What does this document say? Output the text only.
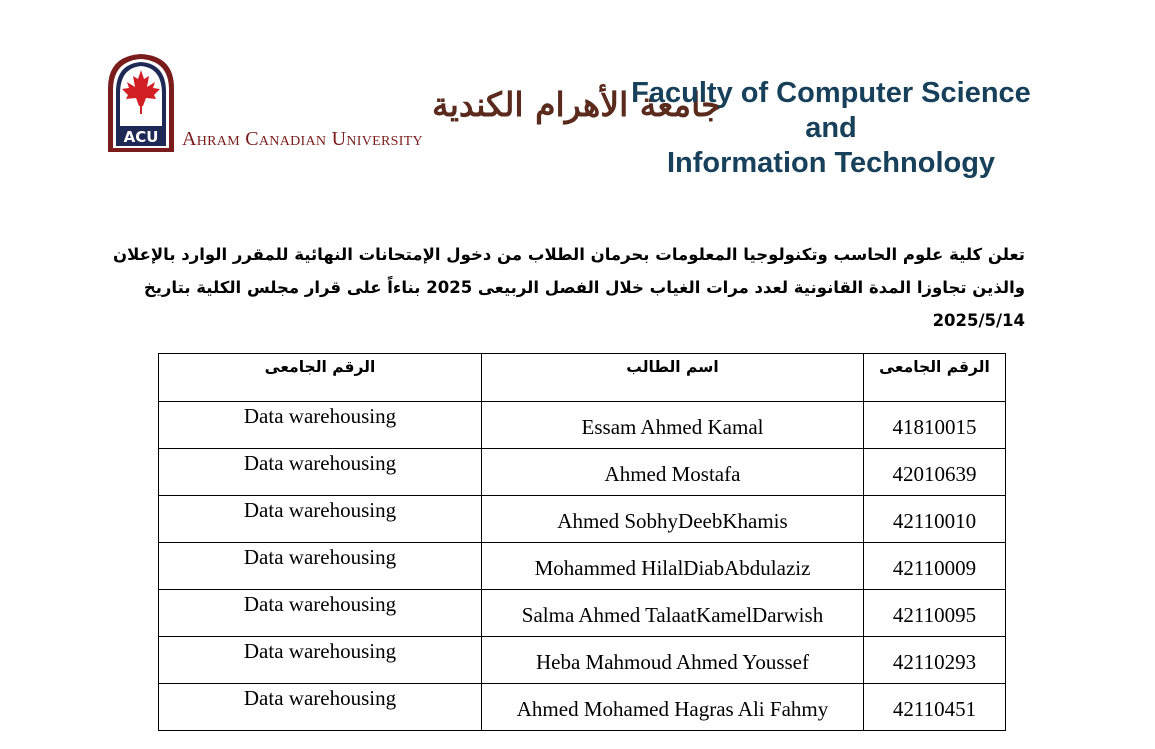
ACU
جامعة الأهرام الكندية
Ahram Canadian University
Faculty of Computer Science
and
Information Technology
تعلن كلية علوم الحاسب وتكنولوجيا المعلومات بحرمان الطلاب من دخول الإمتحانات النهائية للمقرر الوارد بالإعلان
والذين تجاوزا المدة القانونية لعدد مرات الغياب خلال الفصل الربيعى 2025 بناءاً على قرار مجلس الكلية بتاريخ
2025/5/14
الرقم الجامعى	اسم الطالب	الرقم الجامعى
Data warehousing	Essam Ahmed Kamal	41810015
Data warehousing	Ahmed Mostafa	42010639
Data warehousing	Ahmed SobhyDeebKhamis	42110010
Data warehousing	Mohammed HilalDiabAbdulaziz	42110009
Data warehousing	Salma Ahmed TalaatKamelDarwish	42110095
Data warehousing	Heba Mahmoud Ahmed Youssef	42110293
Data warehousing	Ahmed Mohamed Hagras Ali Fahmy	42110451
